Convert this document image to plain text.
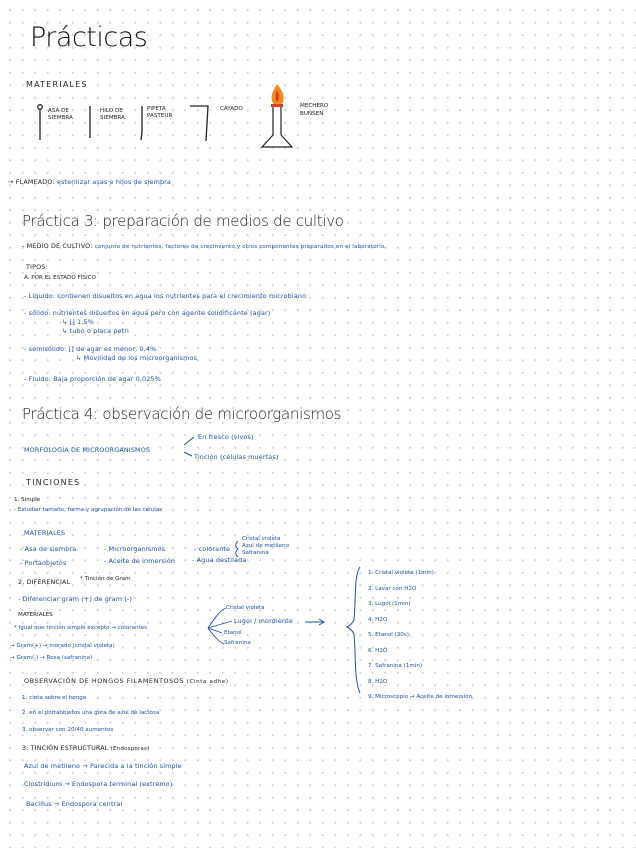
Prácticas
MATERIALES
ASA DE
SIEMBRA
HILO DE
SIEMBRA
PIPETA
PASTEUR
CAYADO	MECHERO
BUNSEN
→ FLAMEADO: esterilizar asas e hilos de siembra
Práctica 3: preparación de medios de cultivo
- MEDIO DE CULTIVO: conjunto de nutrientes, factores de crecimiento y otros componentes preparados en el laboratorio.
TIPOS:
A. POR EL ESTADO FÍSICO
- Líquido: contienen disueltos en agua los nutrientes para el crecimiento microbiano
- sólido: nutrientes disueltos en agua pero con agente solidificante (agar)
↳ [] 1,5%
↳ tubo o placa petri
- semisólido: [] de agar es menor, 0,4%
↳ Movilidad de los microorganismos
- Fluido: Baja proporción de agar 0,025%
Práctica 4: observación de microorganismos
MORFOLOGÍA DE MICROORGANISMOS
En fresco (vivos)
Tinción (células muertas)
TINCIONES
1. Simple
- Estudiar tamaño, forma y agrupación de las células
MATERIALES
- Asa de siembra	- Microorganismos	- colorante
Cristal violeta
Azul de metileno
Safranina
- Portaobjetos	- Aceite de inmersión	- Agua destilada
2. DIFERENCIAL * Tinción de Gram
- Diferenciar gram (+) de gram (-)
MATERIALES
* Igual que tinción simple excepto → colorantes
Cristal violeta
Lugol / mordiente
Etanol
Safranina
→ Gram(+) → morado (cristal violeta)
→ Gram(-) → Rosa (safranina)
1. Cristal violeta (1min)
2. Lavar con H2O
3. Lugol (1min)
4. H2O
5. Etanol (30s)
6. H2O
7. Safranina (1min)
8. H2O
9. Microscopio → Aceite de inmersión
OBSERVACIÓN DE HONGOS FILAMENTOSOS (Cinta adhe)
1. cinta sobre el hongo
2. en el portaobjetos una gota de azul de lactosa
3. observar con 20/40 aumentos
3. TINCIÓN ESTRUCTURAL (Endosporas)
Azul de metileno → Parecida a la tinción simple
Clostridium → Endospora terminal (extremo)
Bacillus → Endospora central
